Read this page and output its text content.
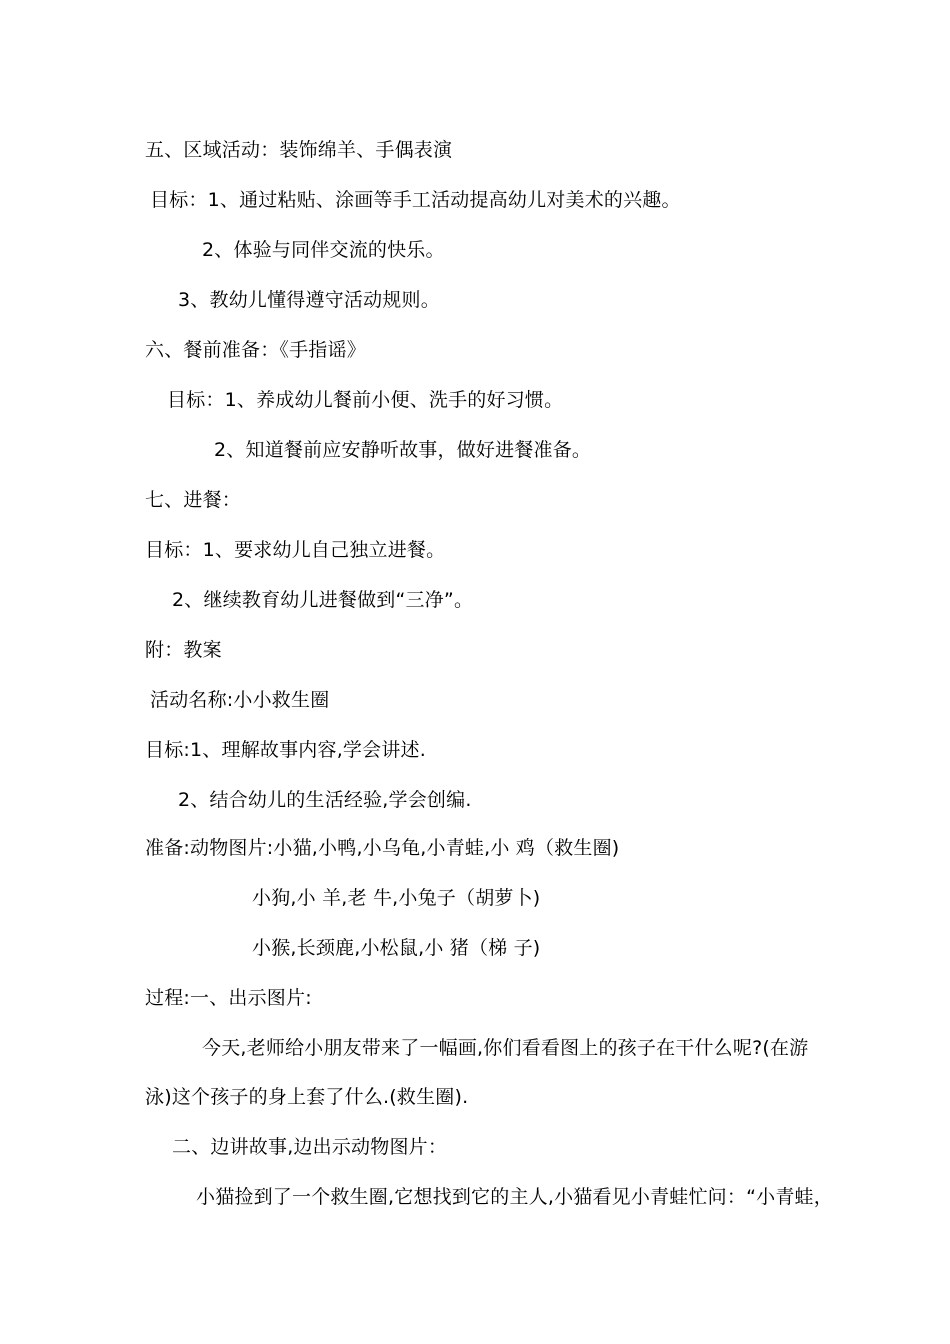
五、区域活动：装饰绵羊、手偶表演
目标：1、通过粘贴、涂画等手工活动提高幼儿对美术的兴趣。
2、体验与同伴交流的快乐。
3、教幼儿懂得遵守活动规则。
六、餐前准备：《手指谣》
目标：1、养成幼儿餐前小便、洗手的好习惯。
2、知道餐前应安静听故事，做好进餐准备。
七、进餐：
目标：1、要求幼儿自己独立进餐。
2、继续教育幼儿进餐做到“三净”。
附：教案
活动名称:小小救生圈
目标:1、理解故事内容,学会讲述.
2、结合幼儿的生活经验,学会创编.
准备:动物图片:小猫,小鸭,小乌龟,小青蛙,小 鸡（救生圈)
小狗,小 羊,老 牛,小兔子（胡萝卜)
小猴,长颈鹿,小松鼠,小 猪（梯 子)
过程:一、出示图片:
今天,老师给小朋友带来了一幅画,你们看看图上的孩子在干什么呢?(在游
泳)这个孩子的身上套了什么.(救生圈).
二、边讲故事,边出示动物图片：
小猫捡到了一个救生圈,它想找到它的主人,小猫看见小青蛙忙问：“小青蛙，
